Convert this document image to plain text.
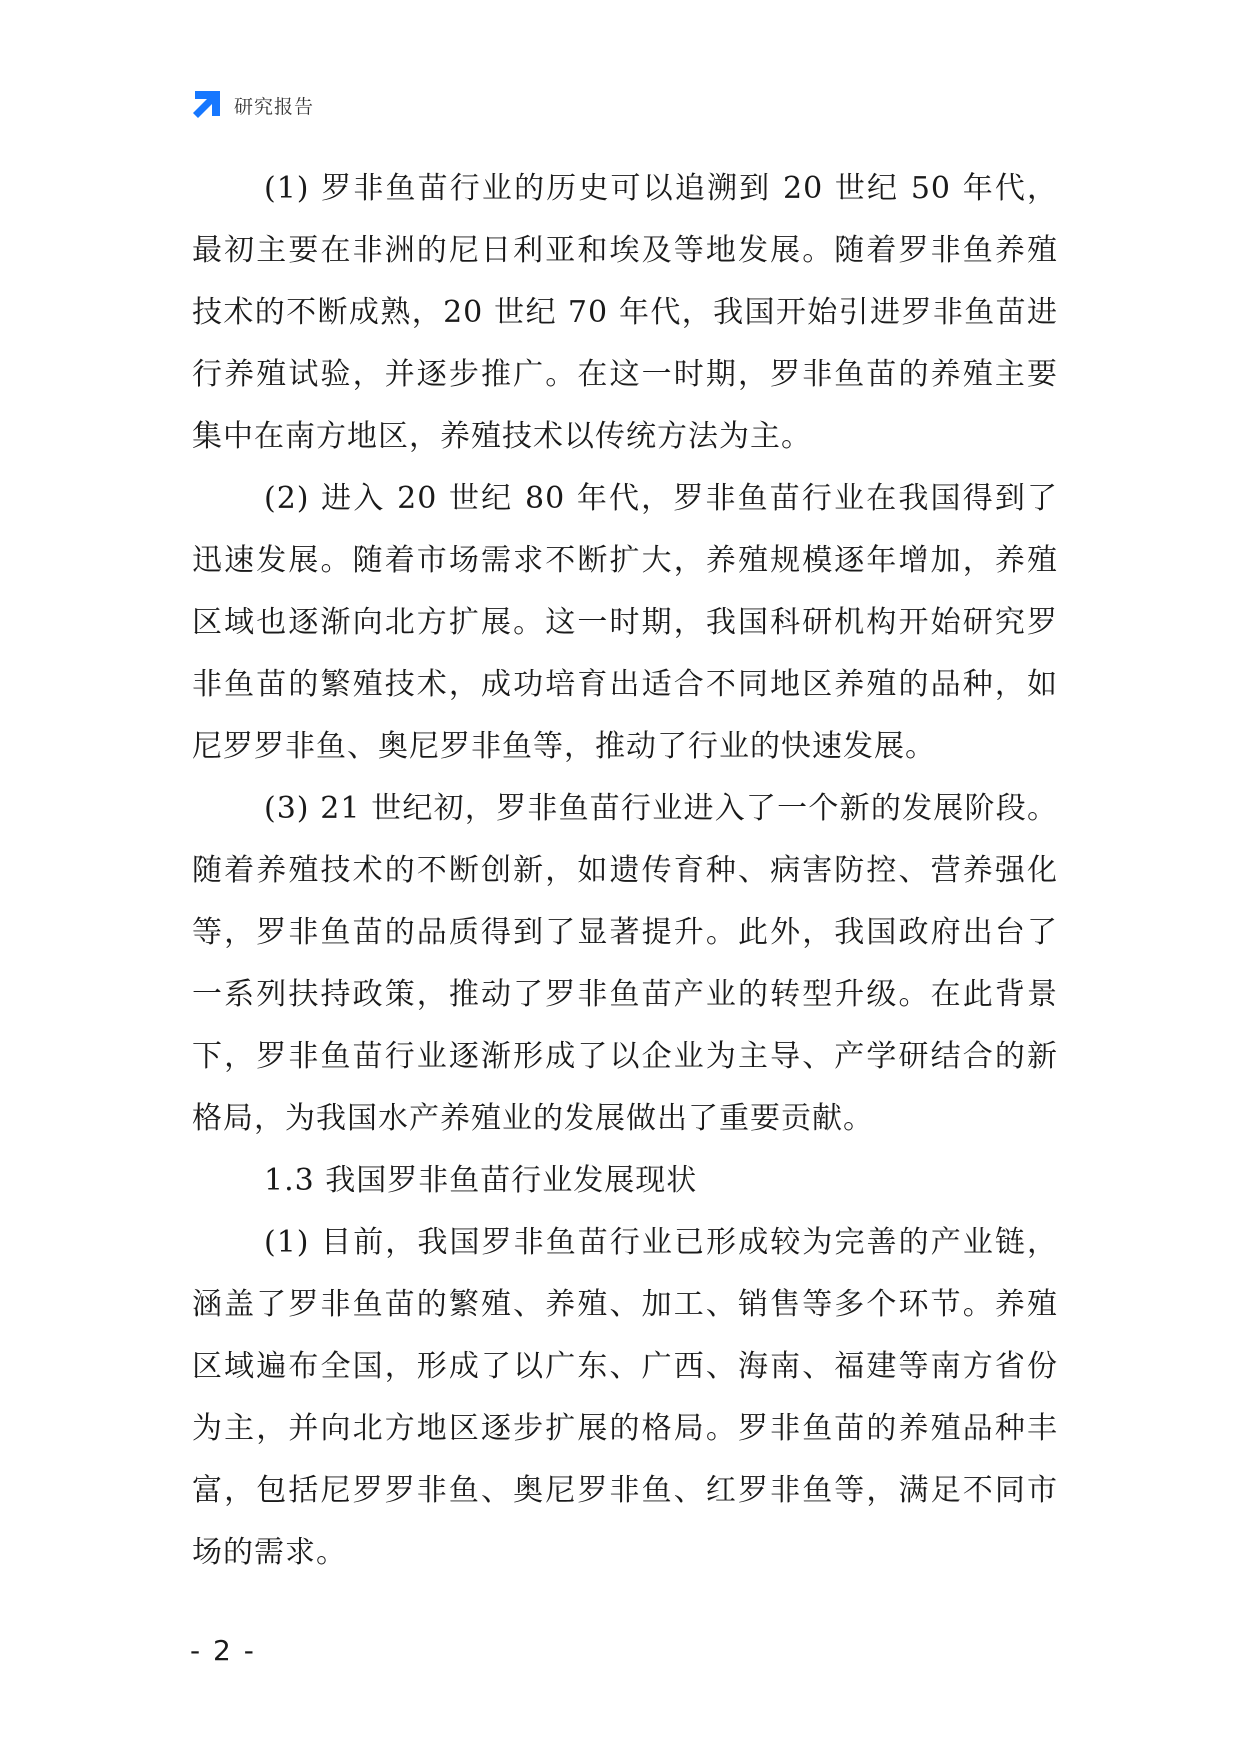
研究报告

(1) 罗非鱼苗行业的历史可以追溯到 20 世纪 50 年代，最初主要在非洲的尼日利亚和埃及等地发展。随着罗非鱼养殖技术的不断成熟，20 世纪 70 年代，我国开始引进罗非鱼苗进行养殖试验，并逐步推广。在这一时期，罗非鱼苗的养殖主要集中在南方地区，养殖技术以传统方法为主。

(2) 进入 20 世纪 80 年代，罗非鱼苗行业在我国得到了迅速发展。随着市场需求不断扩大，养殖规模逐年增加，养殖区域也逐渐向北方扩展。这一时期，我国科研机构开始研究罗非鱼苗的繁殖技术，成功培育出适合不同地区养殖的品种，如尼罗罗非鱼、奥尼罗非鱼等，推动了行业的快速发展。

(3) 21 世纪初，罗非鱼苗行业进入了一个新的发展阶段。随着养殖技术的不断创新，如遗传育种、病害防控、营养强化等，罗非鱼苗的品质得到了显著提升。此外，我国政府出台了一系列扶持政策，推动了罗非鱼苗产业的转型升级。在此背景下，罗非鱼苗行业逐渐形成了以企业为主导、产学研结合的新格局，为我国水产养殖业的发展做出了重要贡献。

1.3 我国罗非鱼苗行业发展现状

(1) 目前，我国罗非鱼苗行业已形成较为完善的产业链，涵盖了罗非鱼苗的繁殖、养殖、加工、销售等多个环节。养殖区域遍布全国，形成了以广东、广西、海南、福建等南方省份为主，并向北方地区逐步扩展的格局。罗非鱼苗的养殖品种丰富，包括尼罗罗非鱼、奥尼罗非鱼、红罗非鱼等，满足不同市场的需求。

- 2 -
